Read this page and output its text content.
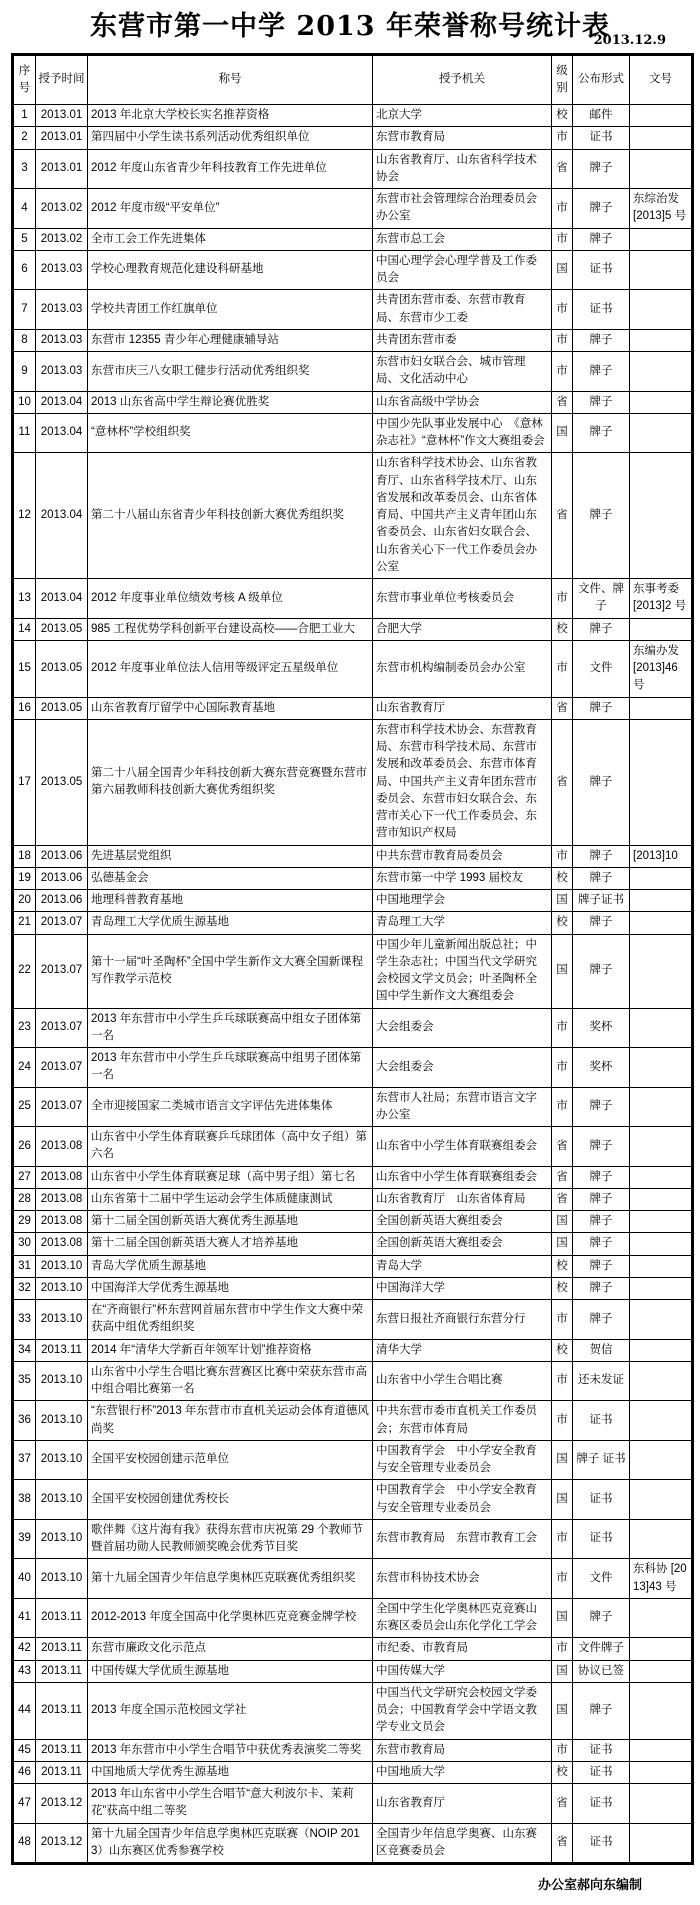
东营市第一中学 2013 年荣誉称号统计表
2013.12.9
序号	授予时间	称号	授予机关	级别	公布形式	文号
1	2013.01	2013 年北京大学校长实名推荐资格	北京大学	校	邮件	
2	2013.01	第四届中小学生读书系列活动优秀组织单位	东营市教育局	市	证书	
3	2013.01	2012 年度山东省青少年科技教育工作先进单位	山东省教育厅、山东省科学技术协会	省	牌子	
4	2013.02	2012 年度市级“平安单位”	东营市社会管理综合治理委员会办公室	市	牌子	东综治发[2013]5 号
5	2013.02	全市工会工作先进集体	东营市总工会	市	牌子	
6	2013.03	学校心理教育规范化建设科研基地	中国心理学会心理学普及工作委员会	国	证书	
7	2013.03	学校共青团工作红旗单位	共青团东营市委、东营市教育局、东营市少工委	市	证书	
8	2013.03	东营市 12355 青少年心理健康辅导站	共青团东营市委	市	牌子	
9	2013.03	东营市庆三八女职工健步行活动优秀组织奖	东营市妇女联合会、城市管理局、文化活动中心	市	牌子	
10	2013.04	2013 山东省高中学生辩论赛优胜奖	山东省高级中学协会	省	牌子	
11	2013.04	“意林杯”学校组织奖	中国少先队事业发展中心　《意林杂志社》“意林杯”作文大赛组委会	国	牌子	
12	2013.04	第二十八届山东省青少年科技创新大赛优秀组织奖	山东省科学技术协会、山东省教育厅、山东省科学技术厅、山东省发展和改革委员会、山东省体育局、中国共产主义青年团山东省委员会、山东省妇女联合会、山东省关心下一代工作委员会办公室	省	牌子	
13	2013.04	2012 年度事业单位绩效考核 A 级单位	东营市事业单位考核委员会	市	文件、牌子	东事考委[2013]2 号
14	2013.05	985 工程优势学科创新平台建设高校——合肥工业大	合肥大学	校	牌子	
15	2013.05	2012 年度事业单位法人信用等级评定五星级单位	东营市机构编制委员会办公室	市	文件	东编办发[2013]46 号
16	2013.05	山东省教育厅留学中心国际教育基地	山东省教育厅	省	牌子	
17	2013.05	第二十八届全国青少年科技创新大赛东营竞赛暨东营市第六届教师科技创新大赛优秀组织奖	东营市科学技术协会、东营教育局、东营市科学技术局、东营市发展和改革委员会、东营市体育局、中国共产主义青年团东营市委员会、东营市妇女联合会、东营市关心下一代工作委员会、东营市知识产权局	省	牌子	
18	2013.06	先进基层党组织	中共东营市教育局委员会	市	牌子	[2013]10
19	2013.06	弘德基金会	东营市第一中学 1993 届校友	校	牌子	
20	2013.06	地理科普教育基地	中国地理学会	国	牌子证书	
21	2013.07	青岛理工大学优质生源基地	青岛理工大学	校	牌子	
22	2013.07	第十一届“叶圣陶杯”全国中学生新作文大赛全国新课程写作教学示范校	中国少年儿童新闻出版总社；中学生杂志社；中国当代文学研究会校园文学文员会；叶圣陶杯全国中学生新作文大赛组委会	国	牌子	
23	2013.07	2013 年东营市中小学生乒乓球联赛高中组女子团体第一名	大会组委会	市	奖杯	
24	2013.07	2013 年东营市中小学生乒乓球联赛高中组男子团体第一名	大会组委会	市	奖杯	
25	2013.07	全市迎接国家二类城市语言文字评估先进体集体	东营市人社局；东营市语言文字办公室	市	牌子	
26	2013.08	山东省中小学生体育联赛乒乓球团体（高中女子组）第六名	山东省中小学生体育联赛组委会	省	牌子	
27	2013.08	山东省中小学生体育联赛足球（高中男子组）第七名	山东省中小学生体育联赛组委会	省	牌子	
28	2013.08	山东省第十二届中学生运动会学生体质健康测试	山东省教育厅　山东省体育局	省	牌子	
29	2013.08	第十二届全国创新英语大赛优秀生源基地	全国创新英语大赛组委会	国	牌子	
30	2013.08	第十二届全国创新英语大赛人才培养基地	全国创新英语大赛组委会	国	牌子	
31	2013.10	青岛大学优质生源基地	青岛大学	校	牌子	
32	2013.10	中国海洋大学优秀生源基地	中国海洋大学	校	牌子	
33	2013.10	在“齐商银行”杯东营网首届东营市中学生作文大赛中荣获高中组优秀组织奖	东营日报社齐商银行东营分行	市	牌子	
34	2013.11	2014 年“清华大学新百年领军计划”推荐资格	清华大学	校	贺信	
35	2013.10	山东省中小学生合唱比赛东营赛区比赛中荣获东营市高中组合唱比赛第一名	山东省中小学生合唱比赛	市	还未发证	
36	2013.10	“东营银行杯”2013 年东营市市直机关运动会体育道德风尚奖	中共东营市委市直机关工作委员会；东营市体育局	市	证书	
37	2013.10	全国平安校园创建示范单位	中国教育学会　中小学安全教育与安全管理专业委员会	国	牌子 证书	
38	2013.10	全国平安校园创建优秀校长	中国教育学会　中小学安全教育与安全管理专业委员会	国	证书	
39	2013.10	歌伴舞《这片海有我》获得东营市庆祝第 29 个教师节暨首届功勋人民教师颁奖晚会优秀节目奖	东营市教育局　东营市教育工会	市	证书	
40	2013.10	第十九届全国青少年信息学奥林匹克联赛优秀组织奖	东营市科协技术协会	市	文件	东科协 [2013]43 号
41	2013.11	2012-2013 年度全国高中化学奥林匹克竞赛金牌学校	全国中学生化学奥林匹克竞赛山东赛区委员会山东化学化工学会	国	牌子	
42	2013.11	东营市廉政文化示范点	市纪委、市教育局	市	文件牌子	
43	2013.11	中国传媒大学优质生源基地	中国传媒大学	国	协议已签	
44	2013.11	2013 年度全国示范校园文学社	中国当代文学研究会校园文学委员会；中国教育学会中学语文教学专业文员会	国	牌子	
45	2013.11	2013 年东营市中小学生合唱节中获优秀表演奖二等奖	东营市教育局	市	证书	
46	2013.11	中国地质大学优秀生源基地	中国地质大学	校	证书	
47	2013.12	2013 年山东省中小学生合唱节“意大利波尔卡、茉莉花”获高中组二等奖	山东省教育厅	省	证书	
48	2013.12	第十九届全国青少年信息学奥林匹克联赛（NOIP 2013）山东赛区优秀参赛学校	全国青少年信息学奥赛、山东赛区竞赛委员会	省	证书	
办公室郝向东编制
